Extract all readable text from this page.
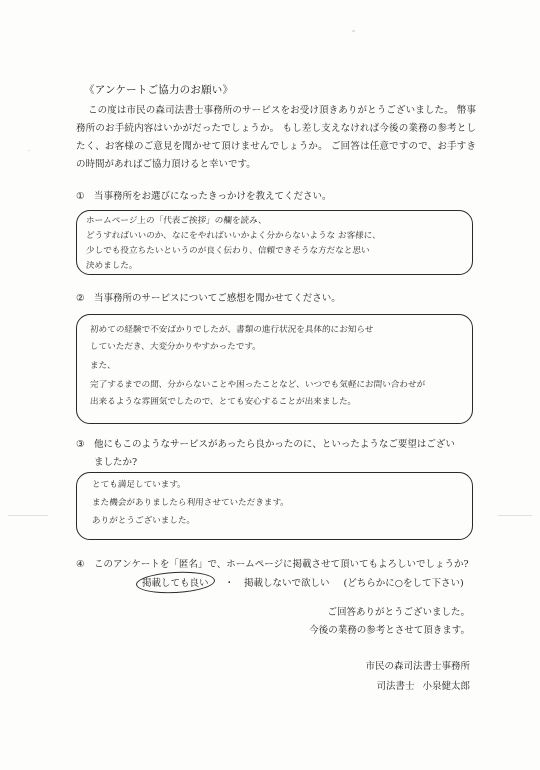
《アンケートご協力のお願い》
この度は市民の森司法書士事務所のサービスをお受け頂きありがとうございました。 幣事務所のお手続内容はいかがだったでしょうか。 もし差し支えなければ今後の業務の参考としたく、お客様のご意見を聞かせて頂けませんでしょうか。 ご回答は任意ですので、お手すきの時間があればご協力頂けると幸いです。
① 当事務所をお選びになったきっかけを教えてください。
ホームページ上の「代表ご挨拶」の欄を読み、
どうすればいいのか、なにをやればいいかよく分からないような お客様に、
少しでも役立ちたいというのが良く伝わり、信頼できそうな方だなと思い
決めました。
② 当事務所のサービスについてご感想を聞かせてください。
初めての経験で不安ばかりでしたが、書類の進行状況を具体的にお知らせ
していただき、大変分かりやすかったです。
また、
完了するまでの間、分からないことや困ったことなど、いつでも気軽にお問い合わせが
出来るような雰囲気でしたので、とても安心することが出来ました。
③ 他にもこのようなサービスがあったら良かったのに、といったようなご要望はござい
ましたか?
とても満足しています。
また機会がありましたら利用させていただきます。
ありがとうございました。
④ このアンケートを「匿名」で、ホームページに掲載させて頂いてもよろしいでしょうか?
掲載しても良い	・ 掲載しないで欲しい (どちらかに○をして下さい)
ご回答ありがとうございました。
今後の業務の参考とさせて頂きます。
市民の森司法書士事務所
司法書士 小泉健太郎
